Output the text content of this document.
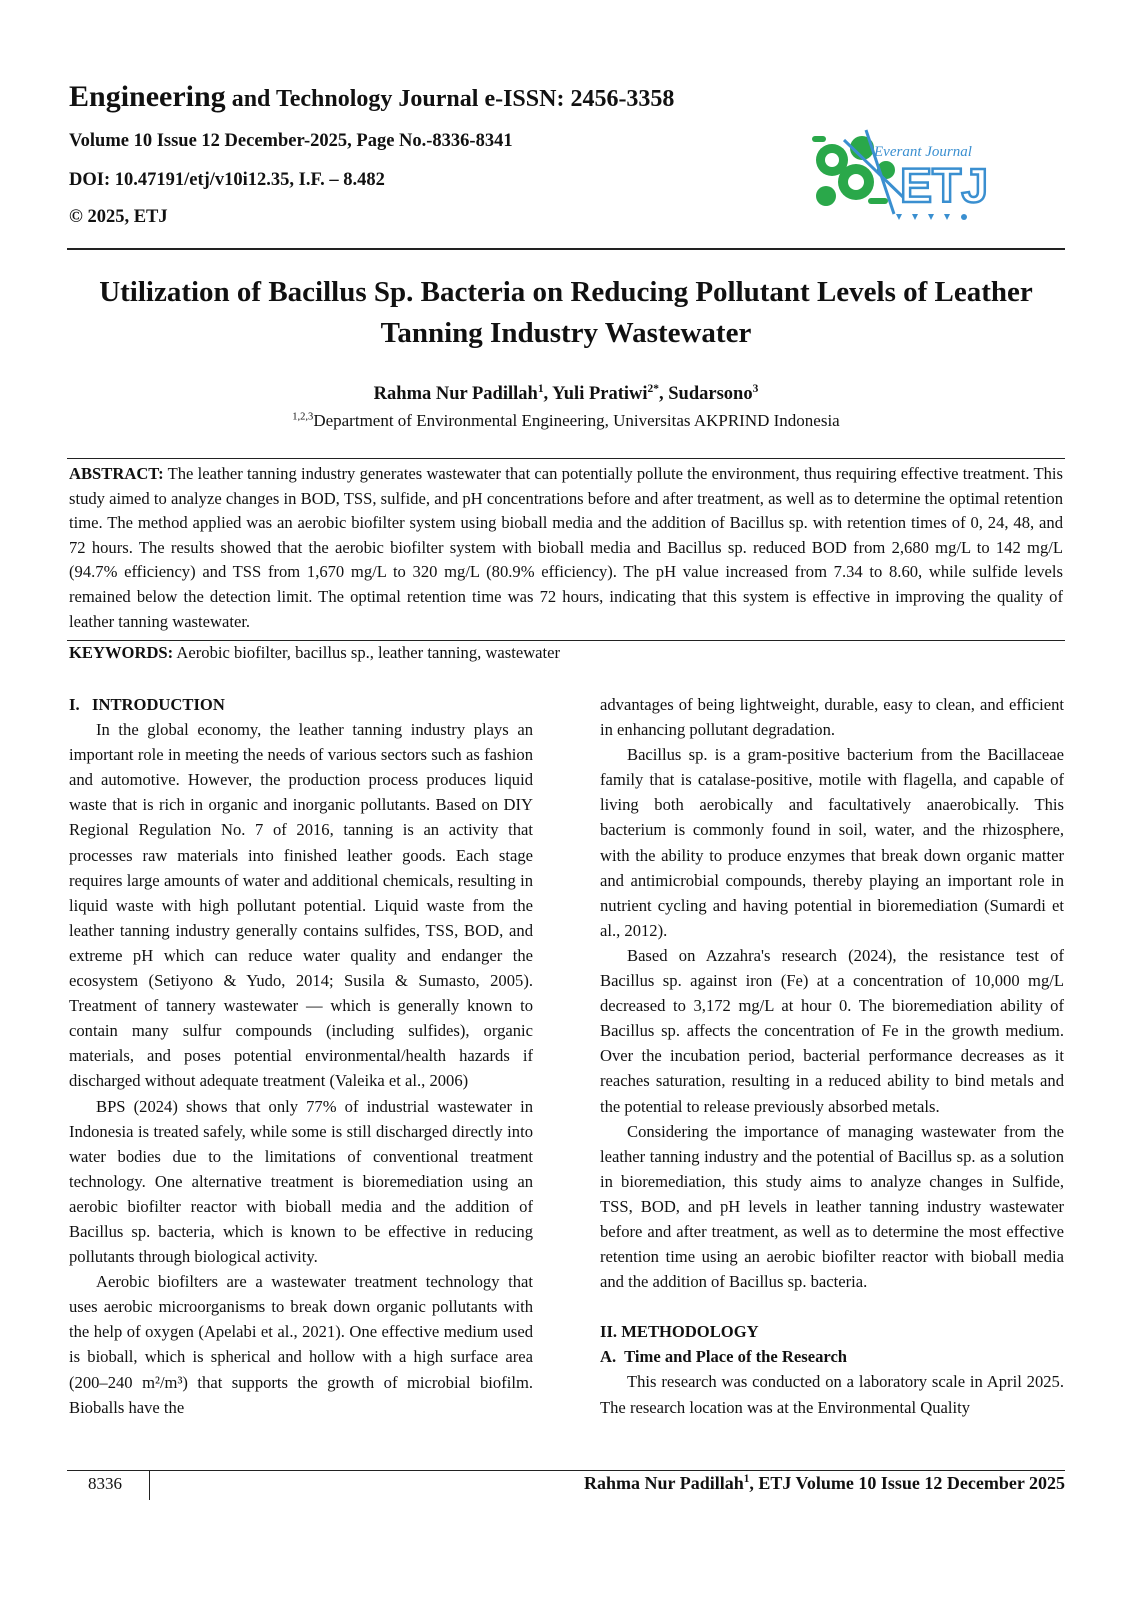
Engineering and Technology Journal e-ISSN: 2456-3358
Volume 10 Issue 12 December-2025, Page No.-8336-8341
DOI: 10.47191/etj/v10i12.35, I.F. – 8.482
© 2025, ETJ
Everant Journal
ETJ
Utilization of Bacillus Sp. Bacteria on Reducing Pollutant Levels of Leather Tanning Industry Wastewater
Rahma Nur Padillah$^1$, Yuli Pratiwi$^{2*}$, Sudarsono$^3$
$^{1,2,3}$Department of Environmental Engineering, Universitas AKPRIND Indonesia
ABSTRACT: The leather tanning industry generates wastewater that can potentially pollute the environment, thus requiring effective treatment. This study aimed to analyze changes in BOD, TSS, sulfide, and pH concentrations before and after treatment, as well as to determine the optimal retention time. The method applied was an aerobic biofilter system using bioball media and the addition of Bacillus sp. with retention times of 0, 24, 48, and 72 hours. The results showed that the aerobic biofilter system with bioball media and Bacillus sp. reduced BOD from 2,680 mg/L to 142 mg/L (94.7% efficiency) and TSS from 1,670 mg/L to 320 mg/L (80.9% efficiency). The pH value increased from 7.34 to 8.60, while sulfide levels remained below the detection limit. The optimal retention time was 72 hours, indicating that this system is effective in improving the quality of leather tanning wastewater.
KEYWORDS: Aerobic biofilter, bacillus sp., leather tanning, wastewater
I.   INTRODUCTION

In the global economy, the leather tanning industry plays an important role in meeting the needs of various sectors such as fashion and automotive. However, the production process produces liquid waste that is rich in organic and inorganic pollutants. Based on DIY Regional Regulation No. 7 of 2016, tanning is an activity that processes raw materials into finished leather goods. Each stage requires large amounts of water and additional chemicals, resulting in liquid waste with high pollutant potential. Liquid waste from the leather tanning industry generally contains sulfides, TSS, BOD, and extreme pH which can reduce water quality and endanger the ecosystem (Setiyono & Yudo, 2014; Susila & Sumasto, 2005). Treatment of tannery wastewater — which is generally known to contain many sulfur compounds (including sulfides), organic materials, and poses potential environmental/health hazards if discharged without adequate treatment (Valeika et al., 2006)

BPS (2024) shows that only 77% of industrial wastewater in Indonesia is treated safely, while some is still discharged directly into water bodies due to the limitations of conventional treatment technology. One alternative treatment is bioremediation using an aerobic biofilter reactor with bioball media and the addition of Bacillus sp. bacteria, which is known to be effective in reducing pollutants through biological activity.

Aerobic biofilters are a wastewater treatment technology that uses aerobic microorganisms to break down organic pollutants with the help of oxygen (Apelabi et al., 2021). One effective medium used is bioball, which is spherical and hollow with a high surface area (200–240 m²/m³) that supports the growth of microbial biofilm. Bioballs have the

advantages of being lightweight, durable, easy to clean, and efficient in enhancing pollutant degradation.

Bacillus sp. is a gram-positive bacterium from the Bacillaceae family that is catalase-positive, motile with flagella, and capable of living both aerobically and facultatively anaerobically. This bacterium is commonly found in soil, water, and the rhizosphere, with the ability to produce enzymes that break down organic matter and antimicrobial compounds, thereby playing an important role in nutrient cycling and having potential in bioremediation (Sumardi et al., 2012).

Based on Azzahra's research (2024), the resistance test of Bacillus sp. against iron (Fe) at a concentration of 10,000 mg/L decreased to 3,172 mg/L at hour 0. The bioremediation ability of Bacillus sp. affects the concentration of Fe in the growth medium. Over the incubation period, bacterial performance decreases as it reaches saturation, resulting in a reduced ability to bind metals and the potential to release previously absorbed metals.

Considering the importance of managing wastewater from the leather tanning industry and the potential of Bacillus sp. as a solution in bioremediation, this study aims to analyze changes in Sulfide, TSS, BOD, and pH levels in leather tanning industry wastewater before and after treatment, as well as to determine the most effective retention time using an aerobic biofilter reactor with bioball media and the addition of Bacillus sp. bacteria.

II. METHODOLOGY
A.  Time and Place of the Research

This research was conducted on a laboratory scale in April 2025. The research location was at the Environmental Quality

8336	Rahma Nur Padillah$^1$, ETJ Volume 10 Issue 12 December 2025
